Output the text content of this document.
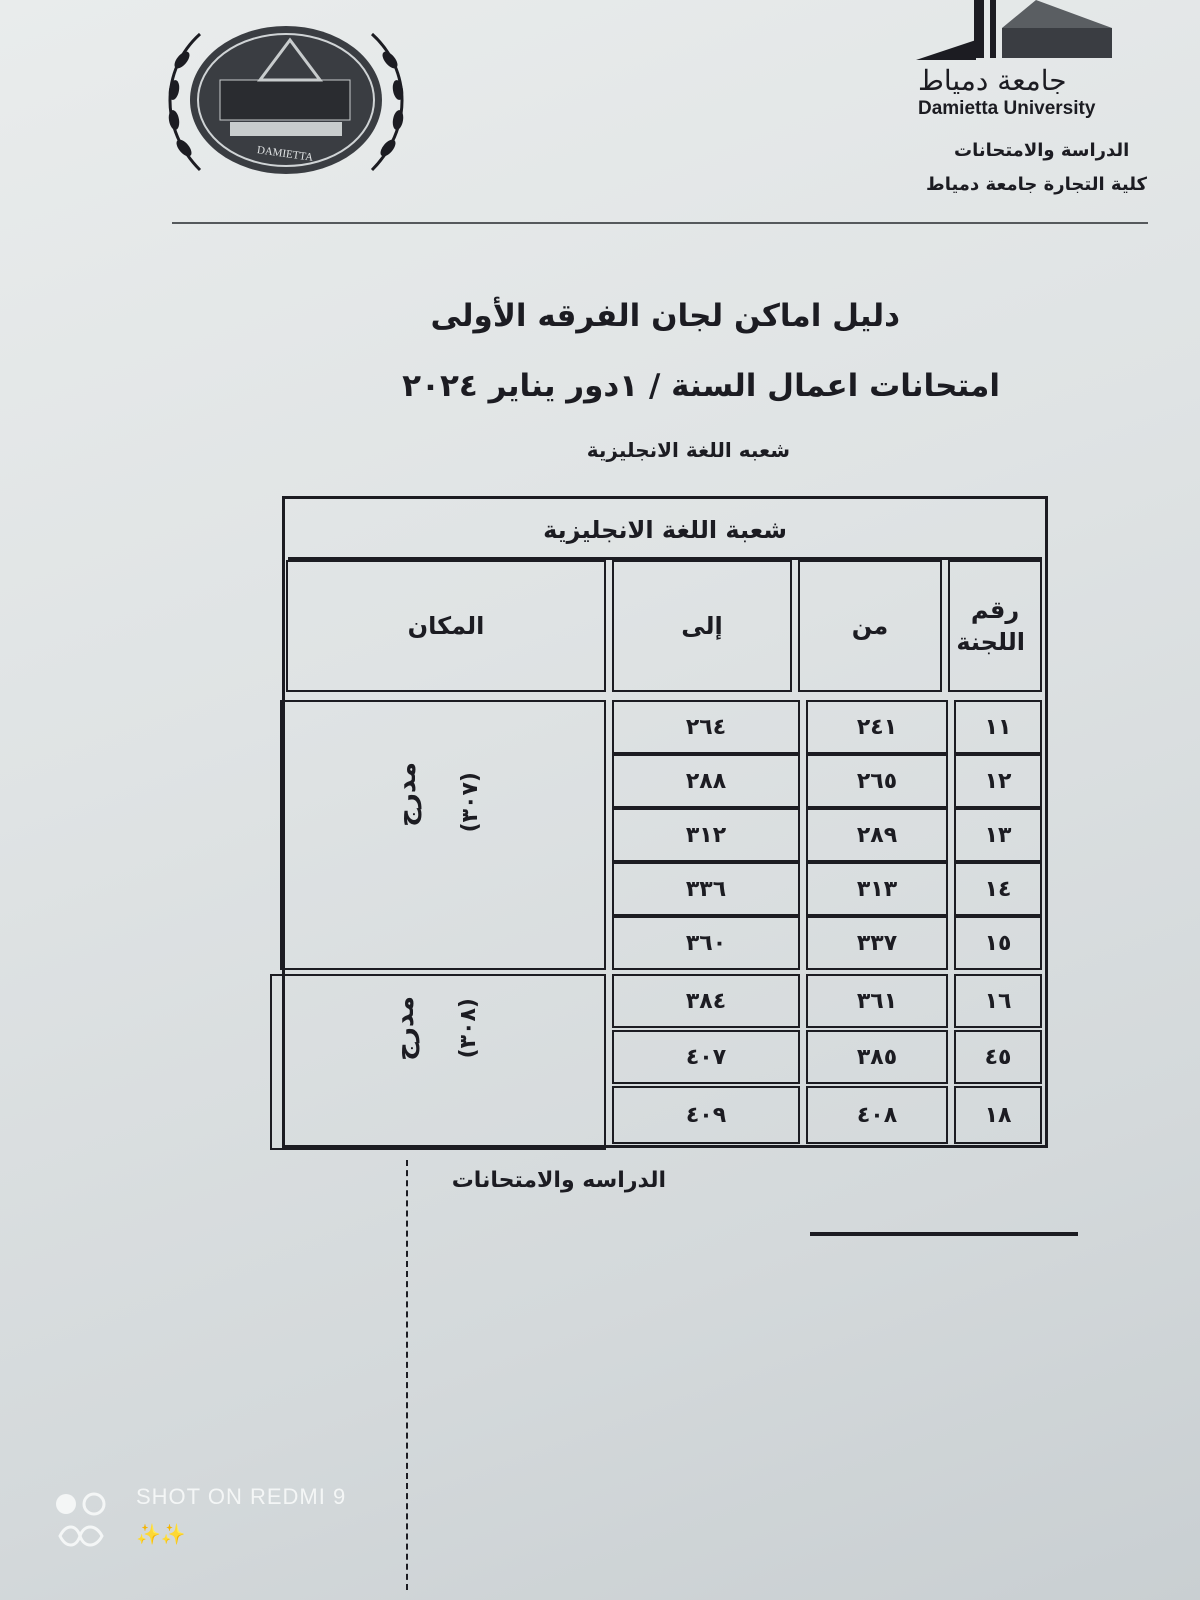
DAMIETTA
جامعة دمياط
Damietta University
الدراسة والامتحانات
كلية التجارة جامعة دمياط
دليل اماكن لجان الفرقه الأولى
امتحانات اعمال السنة / ١دور يناير ٢٠٢٤
شعبه اللغة الانجليزية
شعبة اللغة الانجليزية
رقم اللجنة
من
إلى
المكان
١١
٢٤١
٢٦٤
١٢
٢٦٥
٢٨٨
١٣
٢٨٩
٣١٢
١٤
٣١٣
٣٣٦
١٥
٣٣٧
٣٦٠
١٦
٣٦١
٣٨٤
٤٥
٣٨٥
٤٠٧
١٨
٤٠٨
٤٠٩
مدرج
(٣٠٧)
مدرج (٣٠٨)
الدراسه والامتحانات
SHOT ON REDMI 9
✨✨
